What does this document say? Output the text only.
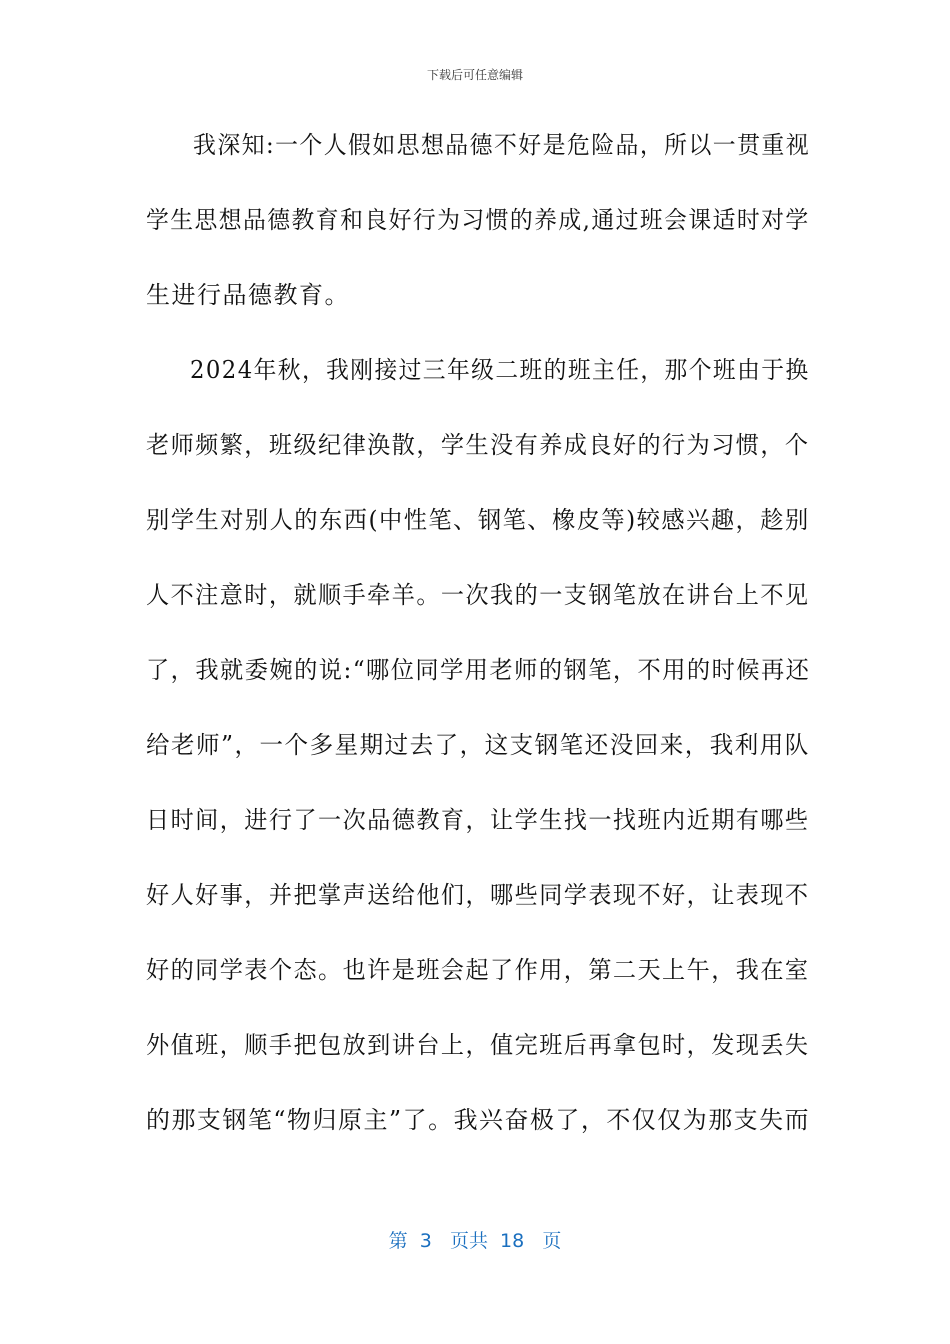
下载后可任意编辑
我深知:一个人假如思想品德不好是危险品，所以一贯重视
学生思想品德教育和良好行为习惯的养成,通过班会课适时对学
生进行品德教育。
2024年秋，我刚接过三年级二班的班主任，那个班由于换
老师频繁，班级纪律涣散，学生没有养成良好的行为习惯，个
别学生对别人的东西(中性笔、钢笔、橡皮等)较感兴趣，趁别
人不注意时，就顺手牵羊。一次我的一支钢笔放在讲台上不见
了，我就委婉的说:“哪位同学用老师的钢笔，不用的时候再还
给老师”，一个多星期过去了，这支钢笔还没回来，我利用队
日时间，进行了一次品德教育，让学生找一找班内近期有哪些
好人好事，并把掌声送给他们，哪些同学表现不好，让表现不
好的同学表个态。也许是班会起了作用，第二天上午，我在室
外值班，顺手把包放到讲台上，值完班后再拿包时，发现丢失
的那支钢笔“物归原主”了。我兴奋极了，不仅仅为那支失而
第  3   页共  18   页
